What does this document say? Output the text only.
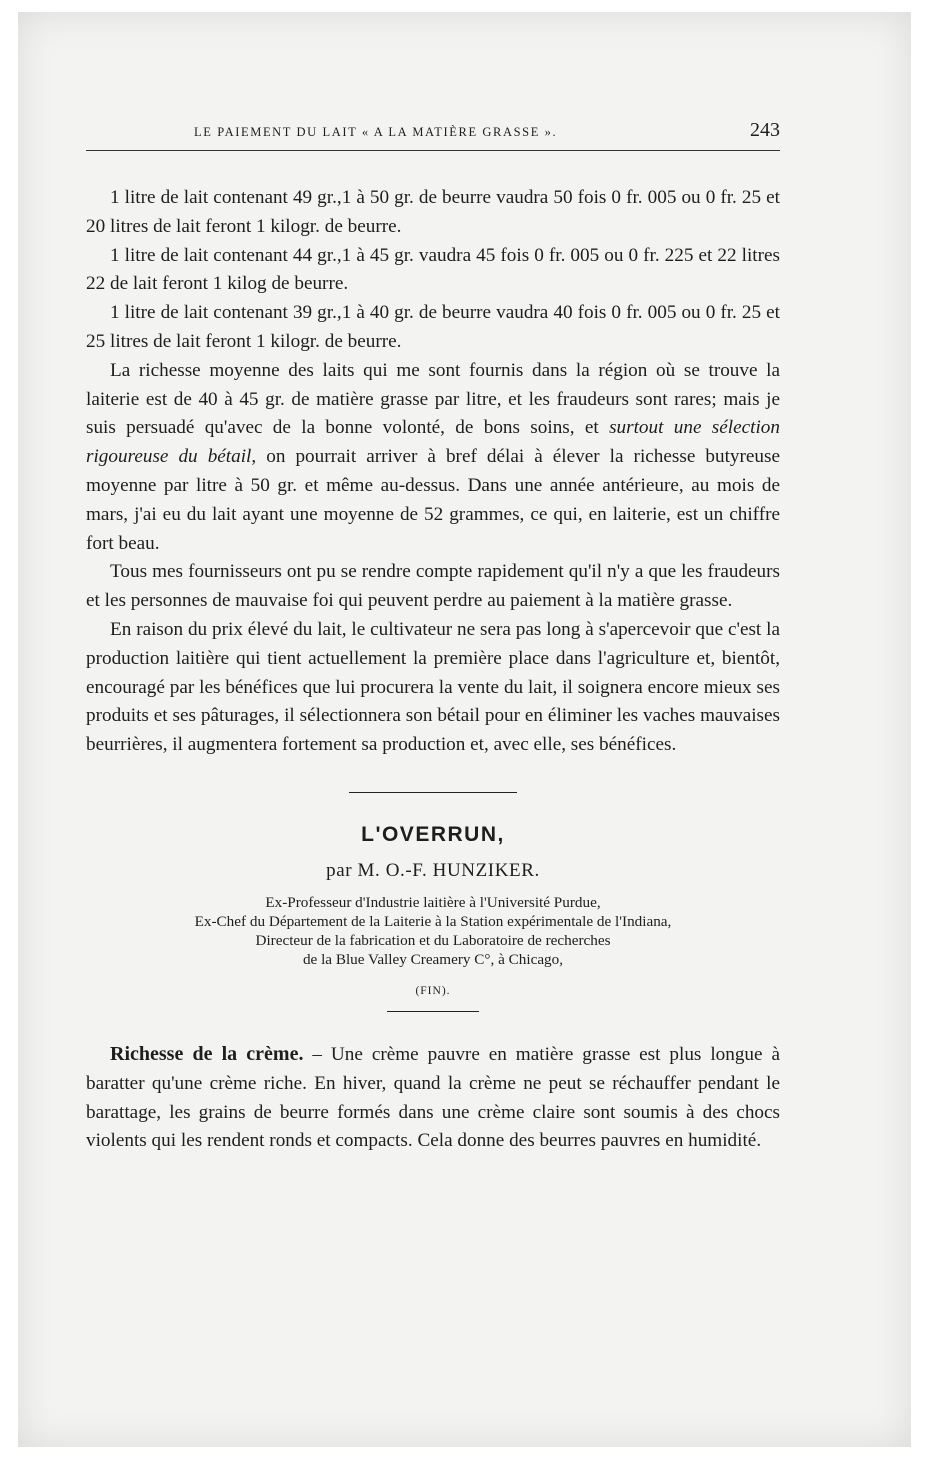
LE PAIEMENT DU LAIT « A LA MATIÈRE GRASSE ».	243

1 litre de lait contenant 49 gr.,1 à 50 gr. de beurre vaudra 50 fois 0 fr. 005 ou 0 fr. 25 et 20 litres de lait feront 1 kilogr. de beurre.

1 litre de lait contenant 44 gr.,1 à 45 gr. vaudra 45 fois 0 fr. 005 ou 0 fr. 225 et 22 litres 22 de lait feront 1 kilog de beurre.

1 litre de lait contenant 39 gr.,1 à 40 gr. de beurre vaudra 40 fois 0 fr. 005 ou 0 fr. 25 et 25 litres de lait feront 1 kilogr. de beurre.

La richesse moyenne des laits qui me sont fournis dans la région où se trouve la laiterie est de 40 à 45 gr. de matière grasse par litre, et les fraudeurs sont rares; mais je suis persuadé qu'avec de la bonne volonté, de bons soins, et surtout une sélection rigoureuse du bétail, on pourrait arriver à bref délai à élever la richesse butyreuse moyenne par litre à 50 gr. et même au-dessus. Dans une année antérieure, au mois de mars, j'ai eu du lait ayant une moyenne de 52 grammes, ce qui, en laiterie, est un chiffre fort beau.

Tous mes fournisseurs ont pu se rendre compte rapidement qu'il n'y a que les fraudeurs et les personnes de mauvaise foi qui peuvent perdre au paiement à la matière grasse.

En raison du prix élevé du lait, le cultivateur ne sera pas long à s'apercevoir que c'est la production laitière qui tient actuellement la première place dans l'agriculture et, bientôt, encouragé par les bénéfices que lui procurera la vente du lait, il soignera encore mieux ses produits et ses pâturages, il sélectionnera son bétail pour en éliminer les vaches mauvaises beurrières, il augmentera fortement sa production et, avec elle, ses bénéfices.

L'OVERRUN,
par M. O.-F. HUNZIKER.
Ex-Professeur d'Industrie laitière à l'Université Purdue,
Ex-Chef du Département de la Laiterie à la Station expérimentale de l'Indiana,
Directeur de la fabrication et du Laboratoire de recherches
de la Blue Valley Creamery C°, à Chicago,
(FIN).

Richesse de la crème. – Une crème pauvre en matière grasse est plus longue à baratter qu'une crème riche. En hiver, quand la crème ne peut se réchauffer pendant le barattage, les grains de beurre formés dans une crème claire sont soumis à des chocs violents qui les rendent ronds et compacts. Cela donne des beurres pauvres en humidité.
